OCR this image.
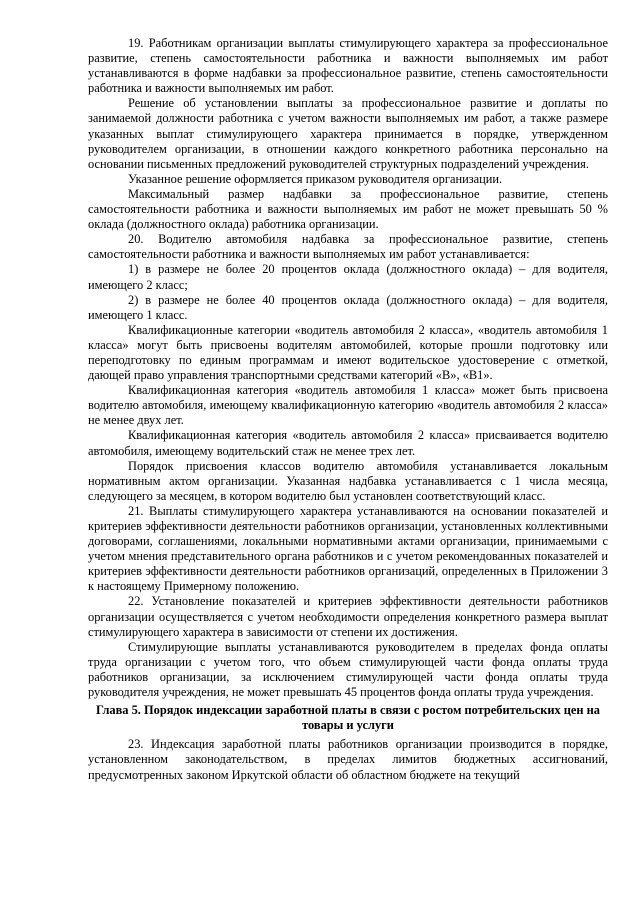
19. Работникам организации выплаты стимулирующего характера за профессиональное развитие, степень самостоятельности работника и важности выполняемых им работ устанавливаются в форме надбавки за профессиональное развитие, степень самостоятельности работника и важности выполняемых им работ.

Решение об установлении выплаты за профессиональное развитие и доплаты по занимаемой должности работника с учетом важности выполняемых им работ, а также размере указанных выплат стимулирующего характера принимается в порядке, утвержденном руководителем организации, в отношении каждого конкретного работника персонально на основании письменных предложений руководителей структурных подразделений учреждения.

Указанное решение оформляется приказом руководителя организации.

Максимальный размер надбавки за профессиональное развитие, степень самостоятельности работника и важности выполняемых им работ не может превышать 50 % оклада (должностного оклада) работника организации.

20. Водителю автомобиля надбавка за профессиональное развитие, степень самостоятельности работника и важности выполняемых им работ устанавливается:

1) в размере не более 20 процентов оклада (должностного оклада) – для водителя, имеющего 2 класс;

2) в размере не более 40 процентов оклада (должностного оклада) – для водителя, имеющего 1 класс.

Квалификационные категории «водитель автомобиля 2 класса», «водитель автомобиля 1 класса» могут быть присвоены водителям автомобилей, которые прошли подготовку или переподготовку по единым программам и имеют водительское удостоверение с отметкой, дающей право управления транспортными средствами категорий «В», «В1».

Квалификационная категория «водитель автомобиля 1 класса» может быть присвоена водителю автомобиля, имеющему квалификационную категорию «водитель автомобиля 2 класса» не менее двух лет.

Квалификационная категория «водитель автомобиля 2 класса» присваивается водителю автомобиля, имеющему водительский стаж не менее трех лет.

Порядок присвоения классов водителю автомобиля устанавливается локальным нормативным актом организации. Указанная надбавка устанавливается с 1 числа месяца, следующего за месяцем, в котором водителю был установлен соответствующий класс.

21. Выплаты стимулирующего характера устанавливаются на основании показателей и критериев эффективности деятельности работников организации, установленных коллективными договорами, соглашениями, локальными нормативными актами организации, принимаемыми с учетом мнения представительного органа работников и с учетом рекомендованных показателей и критериев эффективности деятельности работников организаций, определенных в Приложении 3 к настоящему Примерному положению.

22. Установление показателей и критериев эффективности деятельности работников организации осуществляется с учетом необходимости определения конкретного размера выплат стимулирующего характера в зависимости от степени их достижения.

Стимулирующие выплаты устанавливаются руководителем в пределах фонда оплаты труда организации с учетом того, что объем стимулирующей части фонда оплаты труда работников организации, за исключением стимулирующей части фонда оплаты труда руководителя учреждения, не может превышать 45 процентов фонда оплаты труда учреждения.

Глава 5. Порядок индексации заработной платы в связи с ростом потребительских цен на товары и услуги

23. Индексация заработной платы работников организации производится в порядке, установленном законодательством, в пределах лимитов бюджетных ассигнований, предусмотренных законом Иркутской области об областном бюджете на текущий
